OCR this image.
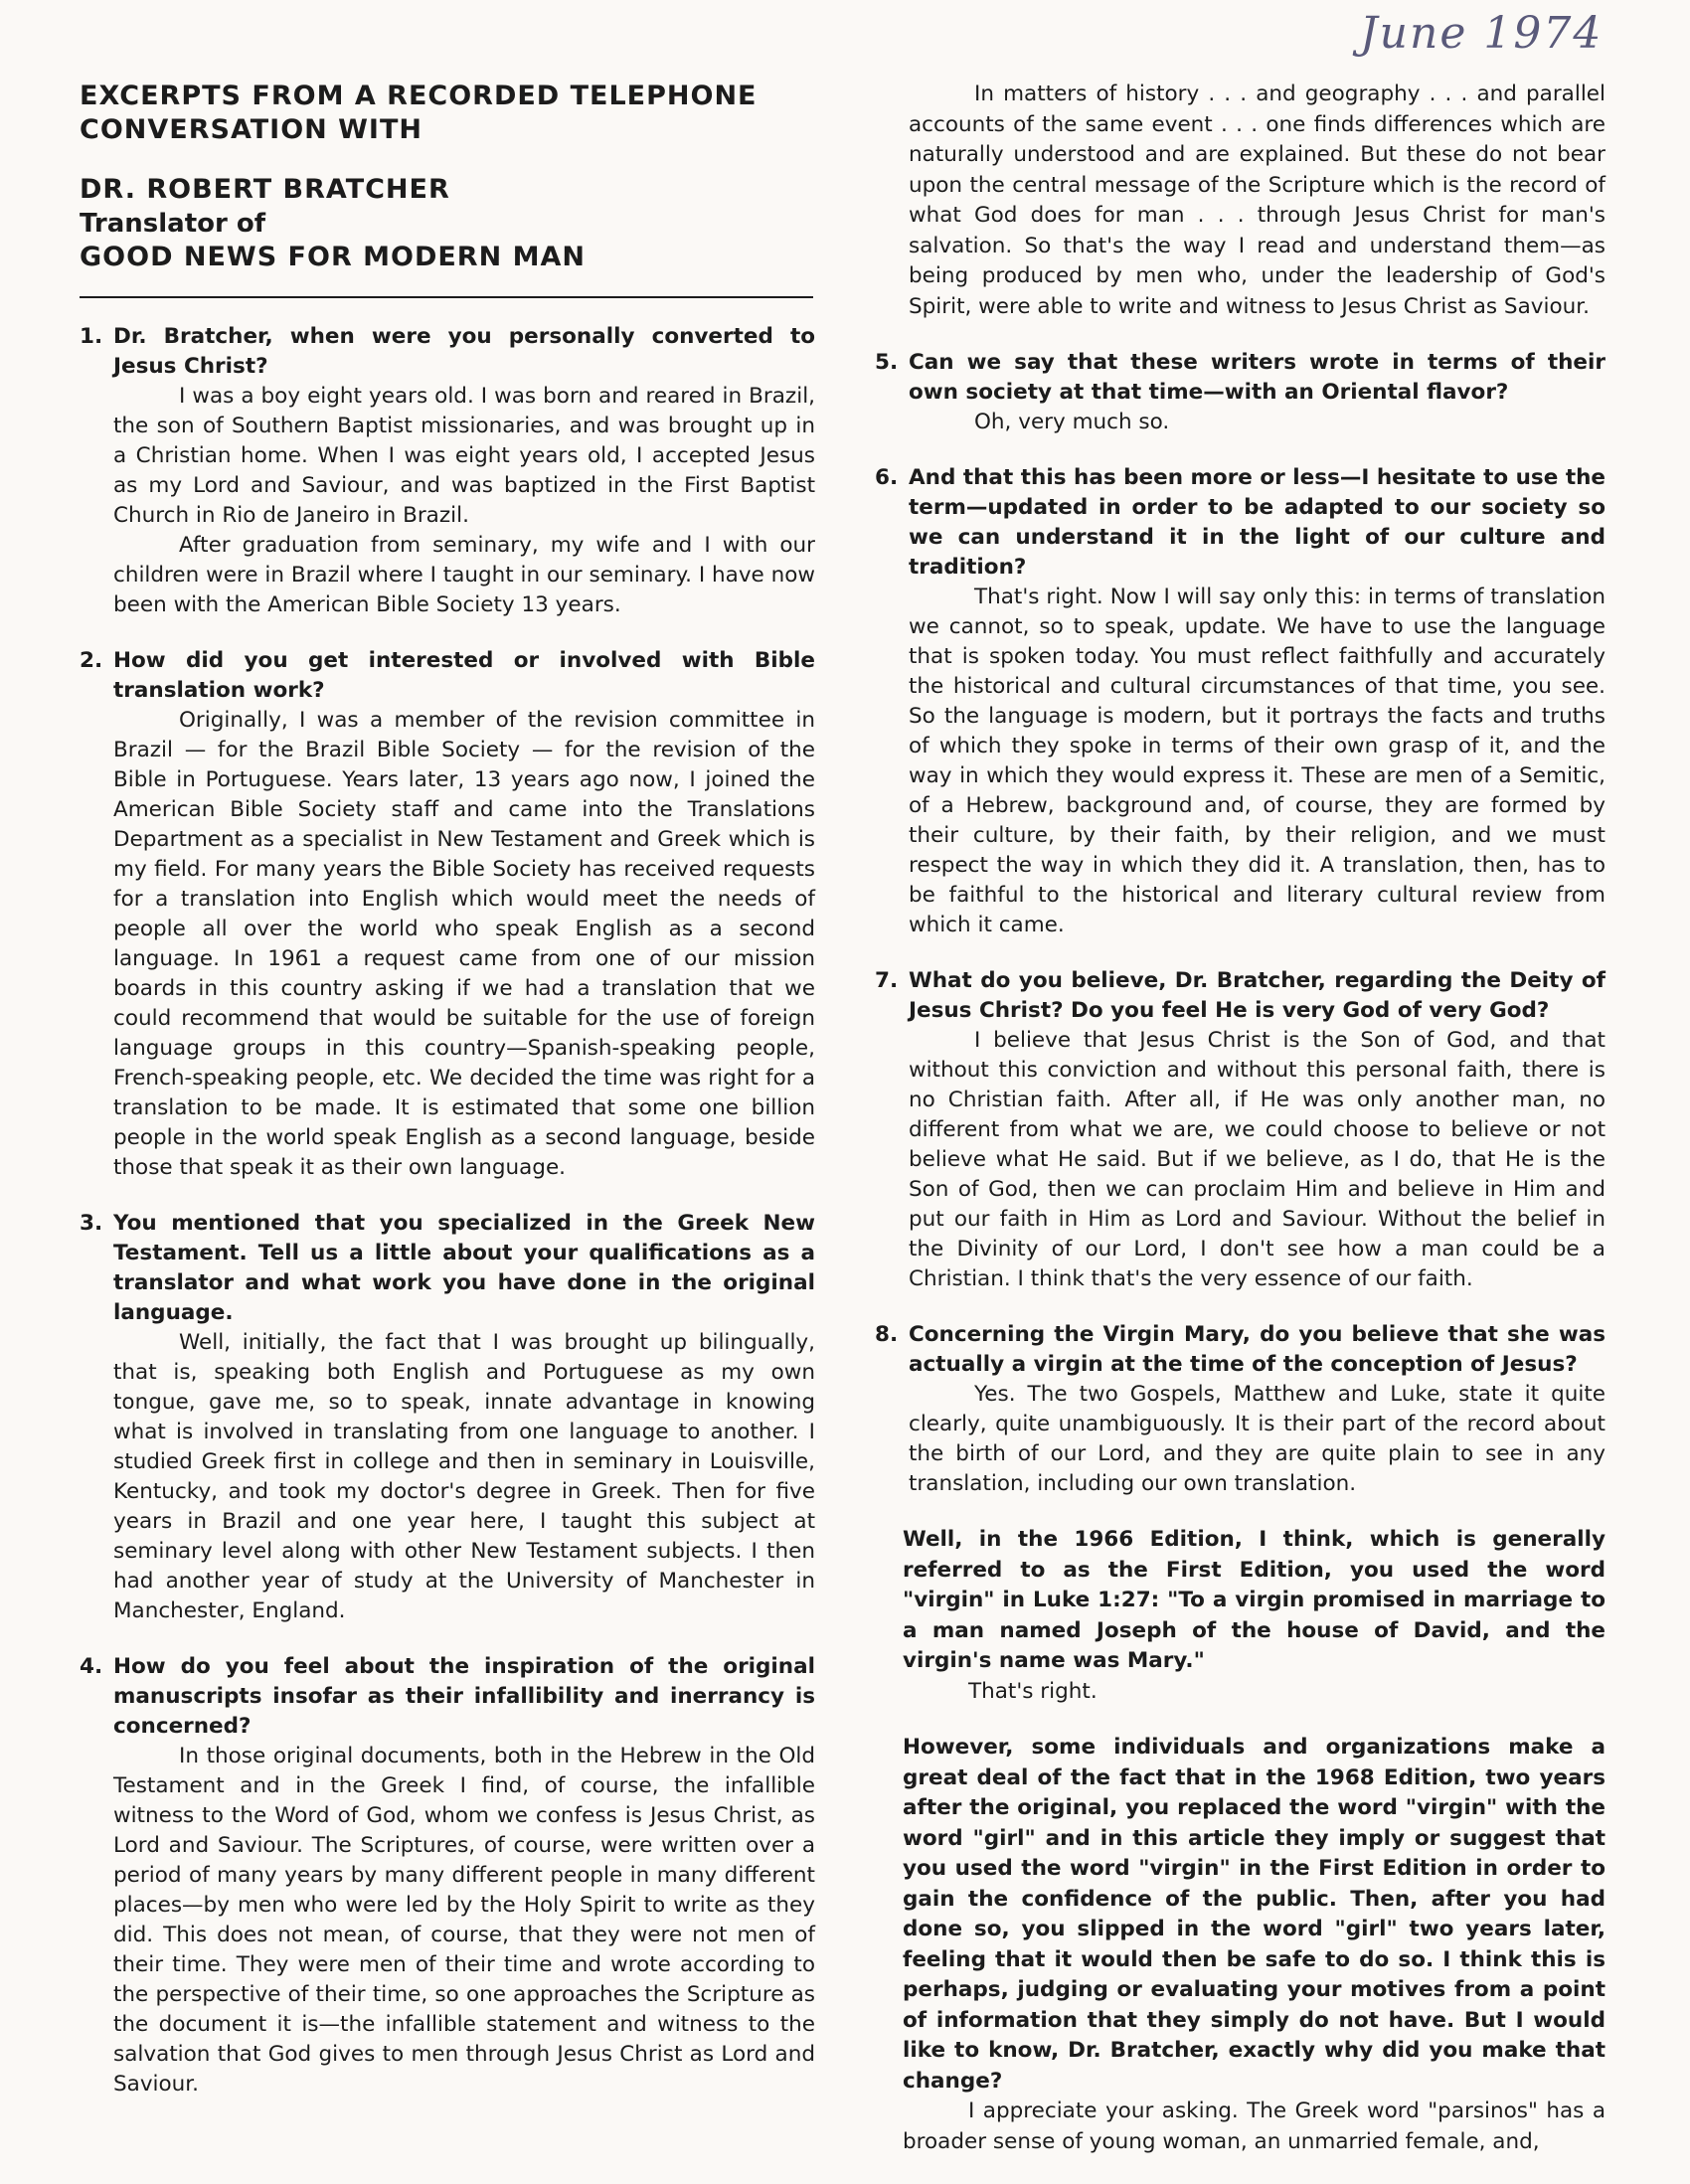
June 1974

EXCERPTS FROM A RECORDED TELEPHONE

CONVERSATION WITH

DR. ROBERT BRATCHER

Translator of

GOOD NEWS FOR MODERN MAN

1. Dr. Bratcher, when were you personally converted to Jesus Christ?

I was a boy eight years old. I was born and reared in Brazil, the son of Southern Baptist missionaries, and was brought up in a Christian home. When I was eight years old, I accepted Jesus as my Lord and Saviour, and was baptized in the First Baptist Church in Rio de Janeiro in Brazil.

After graduation from seminary, my wife and I with our children were in Brazil where I taught in our seminary. I have now been with the American Bible Society 13 years.

2. How did you get interested or involved with Bible translation work?

Originally, I was a member of the revision committee in Brazil — for the Brazil Bible Society — for the revision of the Bible in Portuguese. Years later, 13 years ago now, I joined the American Bible Society staff and came into the Translations Department as a specialist in New Testament and Greek which is my field. For many years the Bible Society has received requests for a translation into English which would meet the needs of people all over the world who speak English as a second language. In 1961 a request came from one of our mission boards in this country asking if we had a translation that we could recommend that would be suitable for the use of foreign language groups in this country—Spanish-speaking people, French-speaking people, etc. We decided the time was right for a translation to be made. It is estimated that some one billion people in the world speak English as a second language, beside those that speak it as their own language.

3. You mentioned that you specialized in the Greek New Testament. Tell us a little about your qualifications as a translator and what work you have done in the original language.

Well, initially, the fact that I was brought up bilingually, that is, speaking both English and Portuguese as my own tongue, gave me, so to speak, innate advantage in knowing what is involved in translating from one language to another. I studied Greek first in college and then in seminary in Louisville, Kentucky, and took my doctor's degree in Greek. Then for five years in Brazil and one year here, I taught this subject at seminary level along with other New Testament subjects. I then had another year of study at the University of Manchester in Manchester, England.

4. How do you feel about the inspiration of the original manuscripts insofar as their infallibility and inerrancy is concerned?

In those original documents, both in the Hebrew in the Old Testament and in the Greek I find, of course, the infallible witness to the Word of God, whom we confess is Jesus Christ, as Lord and Saviour. The Scriptures, of course, were written over a period of many years by many different people in many different places—by men who were led by the Holy Spirit to write as they did. This does not mean, of course, that they were not men of their time. They were men of their time and wrote according to the perspective of their time, so one approaches the Scripture as the document it is—the infallible statement and witness to the salvation that God gives to men through Jesus Christ as Lord and Saviour.

In matters of history . . . and geography . . . and parallel accounts of the same event . . . one finds differences which are naturally understood and are explained. But these do not bear upon the central message of the Scripture which is the record of what God does for man . . . through Jesus Christ for man's salvation. So that's the way I read and understand them—as being produced by men who, under the leadership of God's Spirit, were able to write and witness to Jesus Christ as Saviour.

5. Can we say that these writers wrote in terms of their own society at that time—with an Oriental flavor?

Oh, very much so.

6. And that this has been more or less—I hesitate to use the term—updated in order to be adapted to our society so we can understand it in the light of our culture and tradition?

That's right. Now I will say only this: in terms of translation we cannot, so to speak, update. We have to use the language that is spoken today. You must reflect faithfully and accurately the historical and cultural circumstances of that time, you see. So the language is modern, but it portrays the facts and truths of which they spoke in terms of their own grasp of it, and the way in which they would express it. These are men of a Semitic, of a Hebrew, background and, of course, they are formed by their culture, by their faith, by their religion, and we must respect the way in which they did it. A translation, then, has to be faithful to the historical and literary cultural review from which it came.

7. What do you believe, Dr. Bratcher, regarding the Deity of Jesus Christ? Do you feel He is very God of very God?

I believe that Jesus Christ is the Son of God, and that without this conviction and without this personal faith, there is no Christian faith. After all, if He was only another man, no different from what we are, we could choose to believe or not believe what He said. But if we believe, as I do, that He is the Son of God, then we can proclaim Him and believe in Him and put our faith in Him as Lord and Saviour. Without the belief in the Divinity of our Lord, I don't see how a man could be a Christian. I think that's the very essence of our faith.

8. Concerning the Virgin Mary, do you believe that she was actually a virgin at the time of the conception of Jesus?

Yes. The two Gospels, Matthew and Luke, state it quite clearly, quite unambiguously. It is their part of the record about the birth of our Lord, and they are quite plain to see in any translation, including our own translation.

Well, in the 1966 Edition, I think, which is generally referred to as the First Edition, you used the word "virgin" in Luke 1:27: "To a virgin promised in marriage to a man named Joseph of the house of David, and the virgin's name was Mary."

That's right.

However, some individuals and organizations make a great deal of the fact that in the 1968 Edition, two years after the original, you replaced the word "virgin" with the word "girl" and in this article they imply or suggest that you used the word "virgin" in the First Edition in order to gain the confidence of the public. Then, after you had done so, you slipped in the word "girl" two years later, feeling that it would then be safe to do so. I think this is perhaps, judging or evaluating your motives from a point of information that they simply do not have. But I would like to know, Dr. Bratcher, exactly why did you make that change?

I appreciate your asking. The Greek word "parsinos" has a broader sense of young woman, an unmarried female, and,
